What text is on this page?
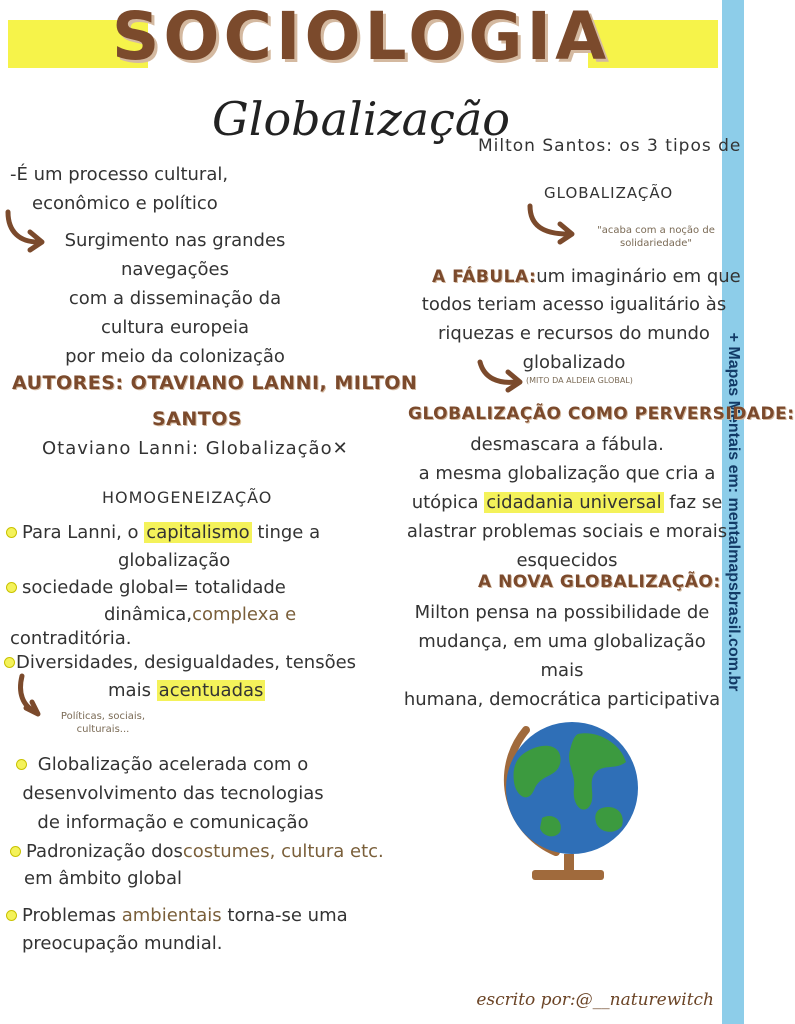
+ Mapas Mentais em: mentalmapsbrasil.com.br
SOCIOLOGIA
Globalização
-É um processo cultural,
econômico e político
Surgimento nas grandes
navegações
com a disseminação da
cultura europeia
por meio da colonização
AUTORES: OTAVIANO LANNI, MILTON
SANTOS
Otaviano Lanni: Globalização✕
HOMOGENEIZAÇÃO
Para Lanni, o capitalismo tinge a
globalização
sociedade global= totalidade
dinâmica,complexa e
contraditória.
Diversidades, desigualdades, tensões
mais acentuadas
Políticas, sociais,
culturais...
Globalização acelerada com o
desenvolvimento das tecnologias
de informação e comunicação
Padronização doscostumes, cultura etc.
em âmbito global
Problemas ambientais torna-se uma
preocupação mundial.
Milton Santos: os 3 tipos de
GLOBALIZAÇÃO
"acaba com a noção de
solidariedade"
A FÁBULA:um imaginário em que
todos teriam acesso igualitário às
riquezas e recursos do mundo
globalizado
(MITO DA ALDEIA GLOBAL)
GLOBALIZAÇÃO COMO PERVERSIDADE:
desmascara a fábula.
a mesma globalização que cria a
utópica cidadania universal faz se
alastrar problemas sociais e morais
esquecidos
A NOVA GLOBALIZAÇÃO:
Milton pensa na possibilidade de
mudança, em uma globalização mais
humana, democrática participativa
escrito por:@__naturewitch
